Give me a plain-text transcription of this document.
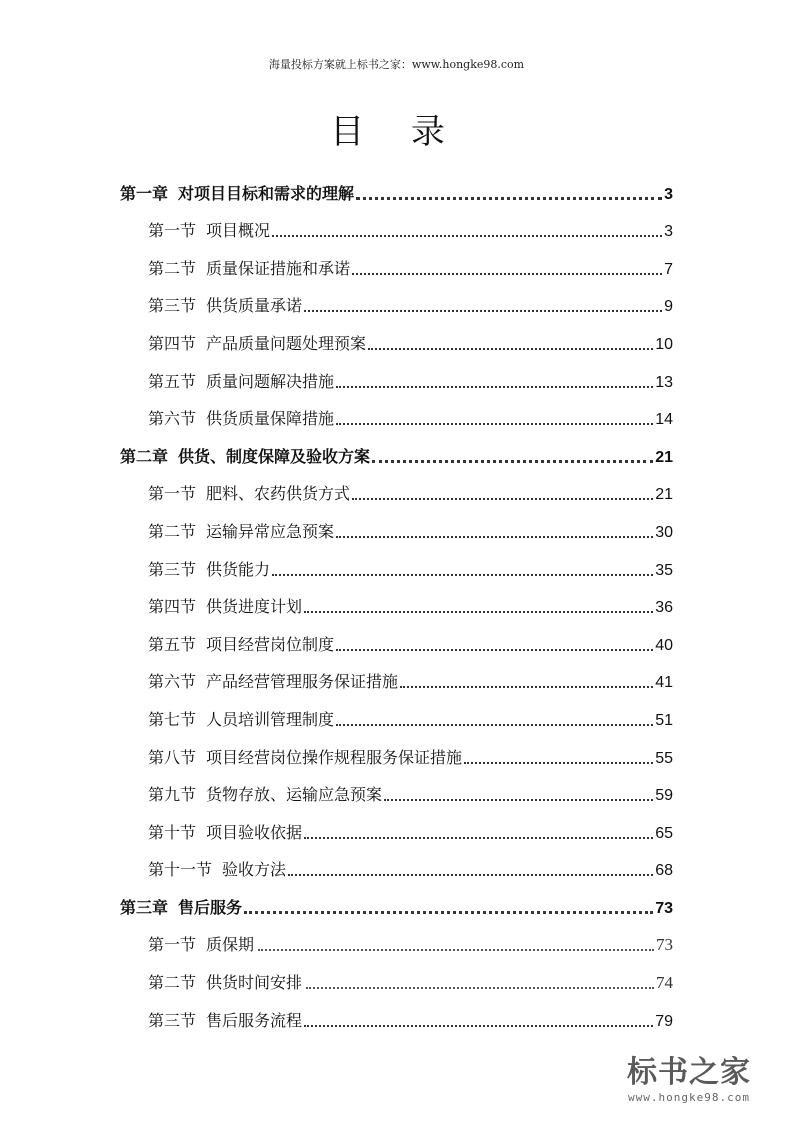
海量投标方案就上标书之家：www.hongke98.com
目 录
第一章 对项目目标和需求的理解	3
第一节 项目概况	3
第二节 质量保证措施和承诺	7
第三节 供货质量承诺	9
第四节 产品质量问题处理预案	10
第五节 质量问题解决措施	13
第六节 供货质量保障措施	14
第二章 供货、制度保障及验收方案	21
第一节 肥料、农药供货方式	21
第二节 运输异常应急预案	30
第三节 供货能力	35
第四节 供货进度计划	36
第五节 项目经营岗位制度	40
第六节 产品经营管理服务保证措施	41
第七节 人员培训管理制度	51
第八节 项目经营岗位操作规程服务保证措施	55
第九节 货物存放、运输应急预案	59
第十节 项目验收依据	65
第十一节 验收方法	68
第三章 售后服务	73
第一节 质保期	73
第二节 供货时间安排	74
第三节 售后服务流程	79
标书之家
www.hongke98.com
